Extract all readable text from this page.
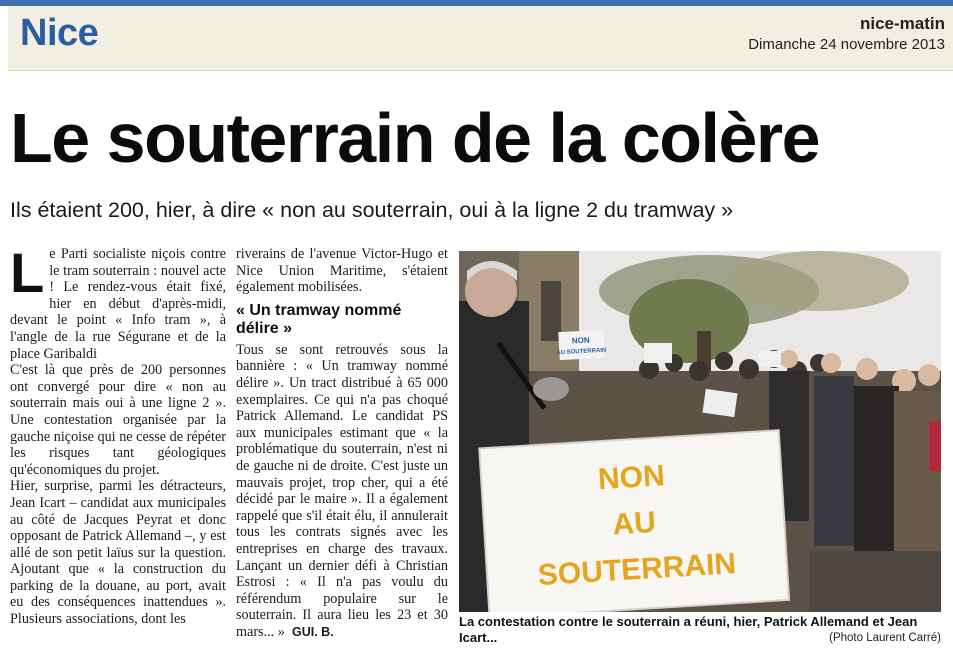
Nice	nice-matin
Dimanche 24 novembre 2013
Le souterrain de la colère
Ils étaient 200, hier, à dire « non au souterrain, oui à la ligne 2 du tramway »
L e Parti socialiste niçois contre le tram souterrain : nouvel acte ! Le rendez-vous était fixé, hier en début d'après-midi, devant le point « Info tram », à l'angle de la rue Ségurane et de la place Garibaldi

C'est là que près de 200 personnes ont convergé pour dire « non au souterrain mais oui à une ligne 2 ». Une contestation organisée par la gauche niçoise qui ne cesse de répéter les risques tant géologiques qu'économiques du projet.

Hier, surprise, parmi les détracteurs, Jean Icart – candidat aux municipales au côté de Jacques Peyrat et donc opposant de Patrick Allemand –, y est allé de son petit laïus sur la question. Ajoutant que « la construction du parking de la douane, au port, avait eu des conséquences inattendues ». Plusieurs associations, dont les

riverains de l'avenue Victor-Hugo et Nice Union Maritime, s'étaient également mobilisées.

« Un tramway nommé délire »

Tous se sont retrouvés sous la bannière : « Un tramway nommé délire ». Un tract distribué à 65 000 exemplaires. Ce qui n'a pas choqué Patrick Allemand. Le candidat PS aux municipales estimant que « la problématique du souterrain, n'est ni de gauche ni de droite. C'est juste un mauvais projet, trop cher, qui a été décidé par le maire ». Il a également rappelé que s'il était élu, il annulerait tous les contrats signés avec les entreprises en charge des travaux. Lançant un dernier défi à Christian Estrosi : « Il n'a pas voulu du référendum populaire sur le souterrain. Il aura lieu les 23 et 30 mars... » GUI. B.

NON
AU SOUTERRAIN
NON
AU
SOUTERRAIN
La contestation contre le souterrain a réuni, hier, Patrick Allemand et Jean Icart...	(Photo Laurent Carré)
